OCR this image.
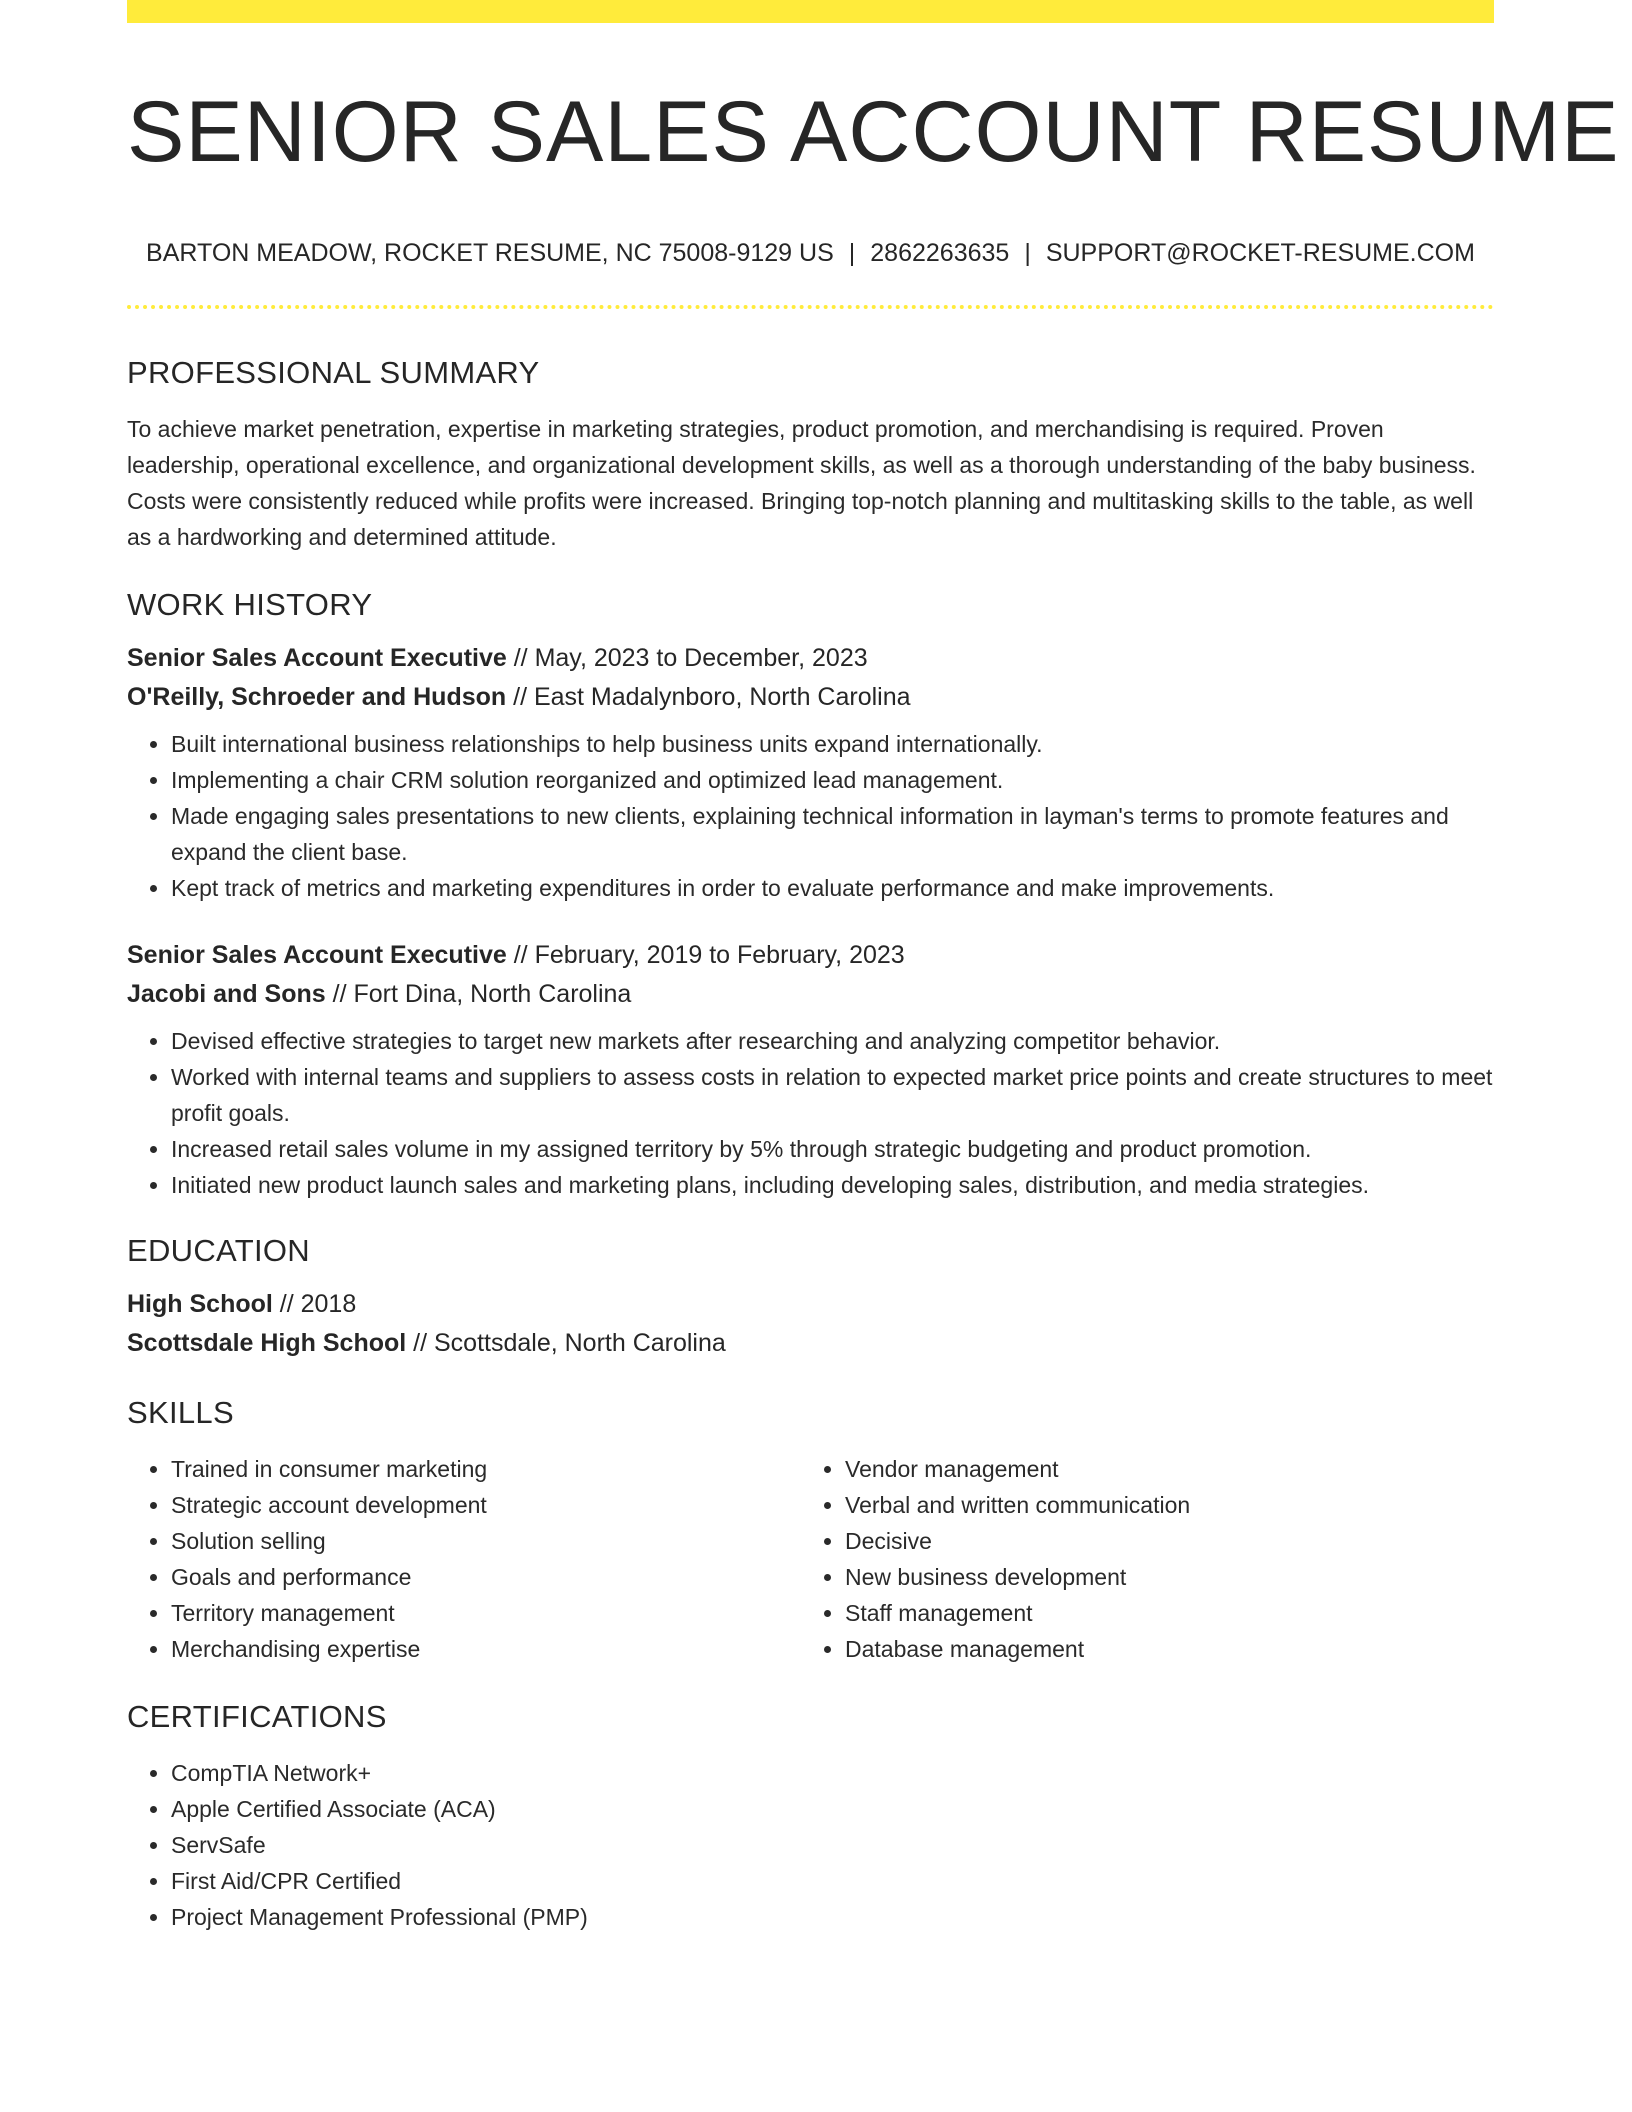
SENIOR SALES ACCOUNT RESUME
BARTON MEADOW, ROCKET RESUME, NC 75008-9129 US | 2862263635 | SUPPORT@ROCKET-RESUME.COM
PROFESSIONAL SUMMARY

To achieve market penetration, expertise in marketing strategies, product promotion, and merchandising is required. Proven leadership, operational excellence, and organizational development skills, as well as a thorough understanding of the baby business. Costs were consistently reduced while profits were increased. Bringing top-notch planning and multitasking skills to the table, as well as a hardworking and determined attitude.

WORK HISTORY
Senior Sales Account Executive // May, 2023 to December, 2023
O'Reilly, Schroeder and Hudson // East Madalynboro, North Carolina
• Built international business relationships to help business units expand internationally.
• Implementing a chair CRM solution reorganized and optimized lead management.
• Made engaging sales presentations to new clients, explaining technical information in layman's terms to promote features and expand the client base.
• Kept track of metrics and marketing expenditures in order to evaluate performance and make improvements.
Senior Sales Account Executive // February, 2019 to February, 2023
Jacobi and Sons // Fort Dina, North Carolina
• Devised effective strategies to target new markets after researching and analyzing competitor behavior.
• Worked with internal teams and suppliers to assess costs in relation to expected market price points and create structures to meet profit goals.
• Increased retail sales volume in my assigned territory by 5% through strategic budgeting and product promotion.
• Initiated new product launch sales and marketing plans, including developing sales, distribution, and media strategies.
EDUCATION
High School // 2018
Scottsdale High School // Scottsdale, North Carolina
SKILLS
• Trained in consumer marketing
• Strategic account development
• Solution selling
• Goals and performance
• Territory management
• Merchandising expertise
• Vendor management
• Verbal and written communication
• Decisive
• New business development
• Staff management
• Database management
CERTIFICATIONS
• CompTIA Network+
• Apple Certified Associate (ACA)
• ServSafe
• First Aid/CPR Certified
• Project Management Professional (PMP)
